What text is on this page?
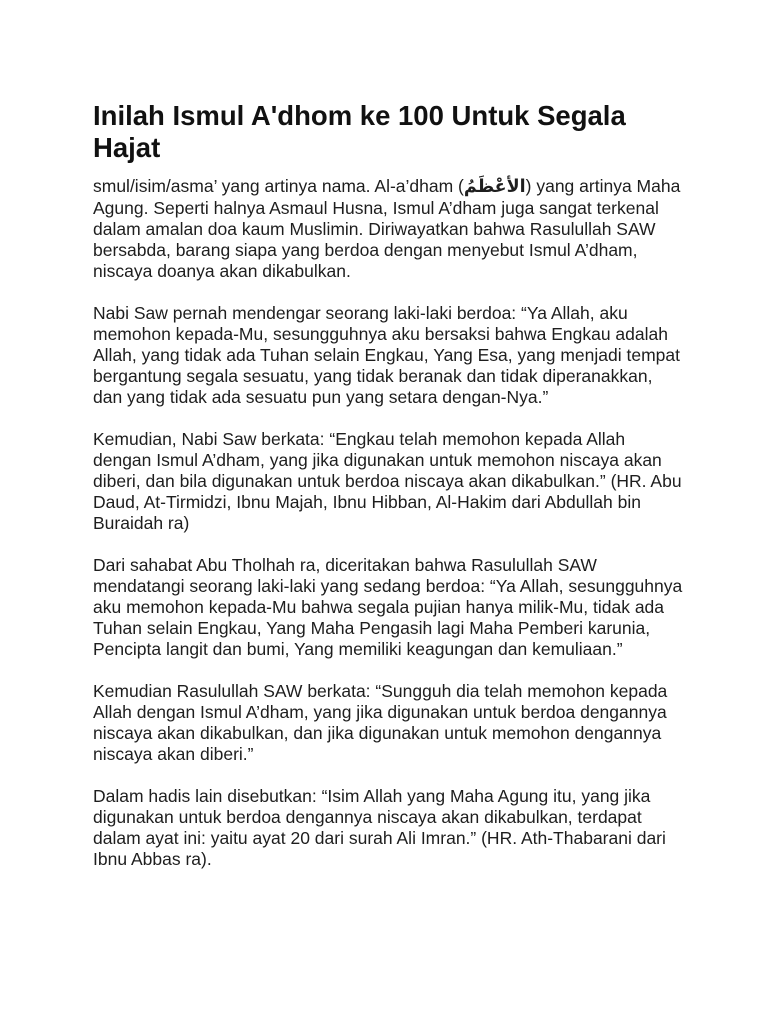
Inilah Ismul A'dhom ke 100 Untuk Segala Hajat

smul/isim/asma’ yang artinya nama. Al-a’dham (الأعْظَمُ) yang artinya Maha Agung. Seperti halnya Asmaul Husna, Ismul A’dham juga sangat terkenal dalam amalan doa kaum Muslimin. Diriwayatkan bahwa Rasulullah SAW bersabda, barang siapa yang berdoa dengan menyebut Ismul A’dham, niscaya doanya akan dikabulkan.

Nabi Saw pernah mendengar seorang laki-laki berdoa: “Ya Allah, aku memohon kepada-Mu, sesungguhnya aku bersaksi bahwa Engkau adalah Allah, yang tidak ada Tuhan selain Engkau, Yang Esa, yang menjadi tempat bergantung segala sesuatu, yang tidak beranak dan tidak diperanakkan, dan yang tidak ada sesuatu pun yang setara dengan-Nya.”

Kemudian, Nabi Saw berkata: “Engkau telah memohon kepada Allah dengan Ismul A’dham, yang jika digunakan untuk memohon niscaya akan diberi, dan bila digunakan untuk berdoa niscaya akan dikabulkan.” (HR. Abu Daud, At-Tirmidzi, Ibnu Majah, Ibnu Hibban, Al-Hakim dari Abdullah bin Buraidah ra)

Dari sahabat Abu Tholhah ra, diceritakan bahwa Rasulullah SAW mendatangi seorang laki-laki yang sedang berdoa: “Ya Allah, sesungguhnya aku memohon kepada-Mu bahwa segala pujian hanya milik-Mu, tidak ada Tuhan selain Engkau, Yang Maha Pengasih lagi Maha Pemberi karunia, Pencipta langit dan bumi, Yang memiliki keagungan dan kemuliaan.”

Kemudian Rasulullah SAW berkata: “Sungguh dia telah memohon kepada Allah dengan Ismul A’dham, yang jika digunakan untuk berdoa dengannya niscaya akan dikabulkan, dan jika digunakan untuk memohon dengannya niscaya akan diberi.”

Dalam hadis lain disebutkan: “Isim Allah yang Maha Agung itu, yang jika digunakan untuk berdoa dengannya niscaya akan dikabulkan, terdapat dalam ayat ini: yaitu ayat 20 dari surah Ali Imran.” (HR. Ath-Thabarani dari Ibnu Abbas ra).
